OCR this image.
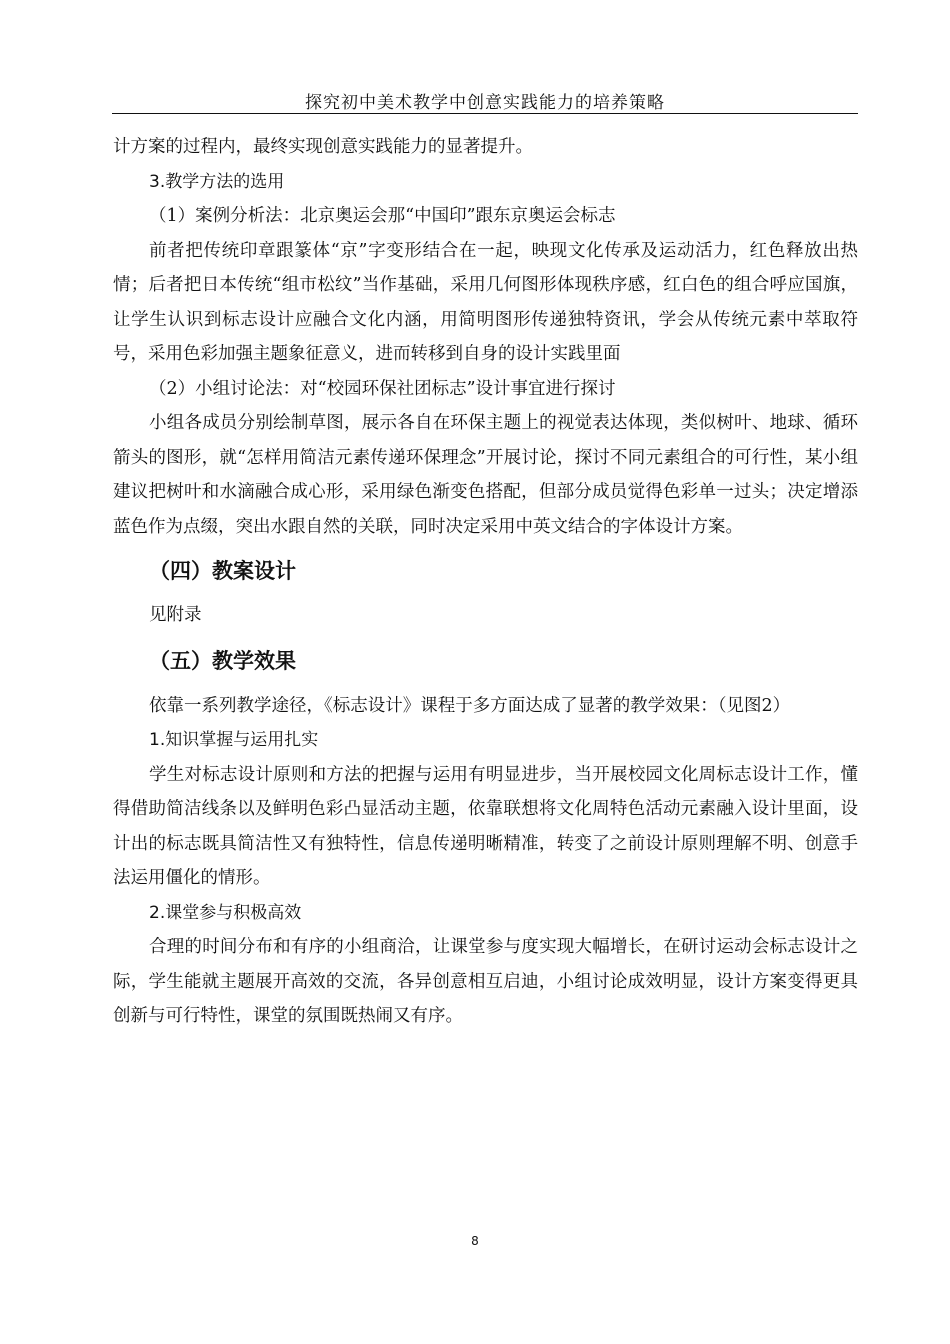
探究初中美术教学中创意实践能力的培养策略

计方案的过程内，最终实现创意实践能力的显著提升。

3.教学方法的选用

（1）案例分析法：北京奥运会那“中国印”跟东京奥运会标志

前者把传统印章跟篆体“京”字变形结合在一起，映现文化传承及运动活力，红色释放出热情；后者把日本传统“组市松纹”当作基础，采用几何图形体现秩序感，红白色的组合呼应国旗，让学生认识到标志设计应融合文化内涵，用简明图形传递独特资讯，学会从传统元素中萃取符号，采用色彩加强主题象征意义，进而转移到自身的设计实践里面

（2）小组讨论法：对“校园环保社团标志”设计事宜进行探讨

小组各成员分别绘制草图，展示各自在环保主题上的视觉表达体现，类似树叶、地球、循环箭头的图形，就“怎样用简洁元素传递环保理念”开展讨论，探讨不同元素组合的可行性，某小组建议把树叶和水滴融合成心形，采用绿色渐变色搭配，但部分成员觉得色彩单一过头；决定增添蓝色作为点缀，突出水跟自然的关联，同时决定采用中英文结合的字体设计方案。

（四）教案设计

见附录

（五）教学效果

依靠一系列教学途径，《标志设计》课程于多方面达成了显著的教学效果：（见图2）

1.知识掌握与运用扎实

学生对标志设计原则和方法的把握与运用有明显进步，当开展校园文化周标志设计工作，懂得借助简洁线条以及鲜明色彩凸显活动主题，依靠联想将文化周特色活动元素融入设计里面，设计出的标志既具简洁性又有独特性，信息传递明晰精准，转变了之前设计原则理解不明、创意手法运用僵化的情形。

2.课堂参与积极高效

合理的时间分布和有序的小组商洽，让课堂参与度实现大幅增长，在研讨运动会标志设计之际，学生能就主题展开高效的交流，各异创意相互启迪，小组讨论成效明显，设计方案变得更具创新与可行特性，课堂的氛围既热闹又有序。

8
